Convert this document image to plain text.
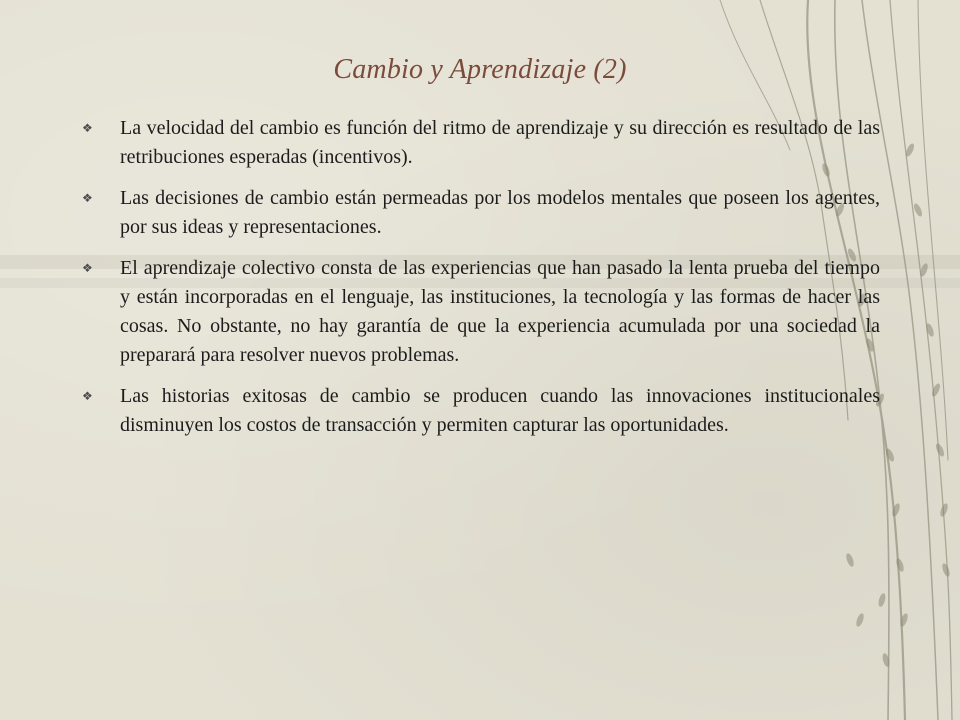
Cambio y Aprendizaje (2)
❖	La velocidad del cambio es función del ritmo de aprendizaje y su dirección es resultado de las retribuciones esperadas (incentivos).
❖	Las decisiones de cambio están permeadas por los modelos mentales que poseen los agentes, por sus ideas y representaciones.
❖	El aprendizaje colectivo consta de las experiencias que han pasado la lenta prueba del tiempo y están incorporadas en el lenguaje, las instituciones, la tecnología y las formas de hacer las cosas. No obstante, no hay garantía de que la experiencia acumulada por una sociedad la preparará para resolver nuevos problemas.
❖	Las historias exitosas de cambio se producen cuando las innovaciones institucionales disminuyen los costos de transacción y permiten capturar las oportunidades.
